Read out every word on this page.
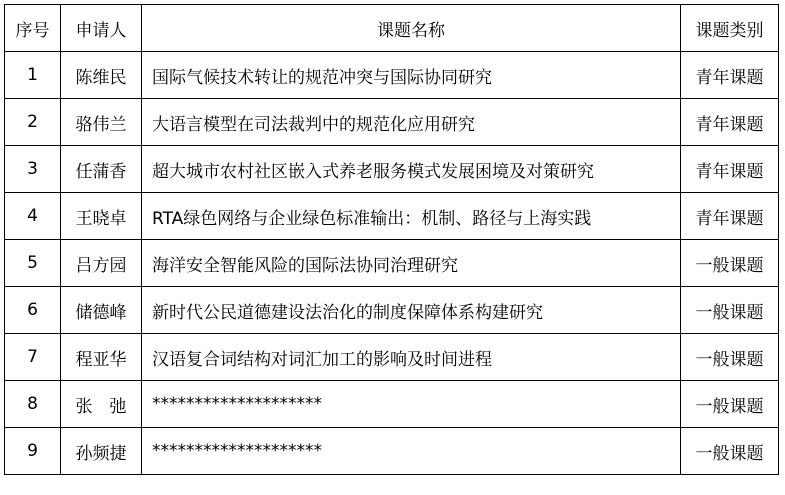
序号	申请人	课题名称	课题类别
1	陈维民	国际气候技术转让的规范冲突与国际协同研究	青年课题
2	骆伟兰	大语言模型在司法裁判中的规范化应用研究	青年课题
3	任蒲香	超大城市农村社区嵌入式养老服务模式发展困境及对策研究	青年课题
4	王晓卓	RTA绿色网络与企业绿色标准输出：机制、路径与上海实践	青年课题
5	吕方园	海洋安全智能风险的国际法协同治理研究	一般课题
6	储德峰	新时代公民道德建设法治化的制度保障体系构建研究	一般课题
7	程亚华	汉语复合词结构对词汇加工的影响及时间进程	一般课题
8	张　弛	********************	一般课题
9	孙频捷	********************	一般课题
